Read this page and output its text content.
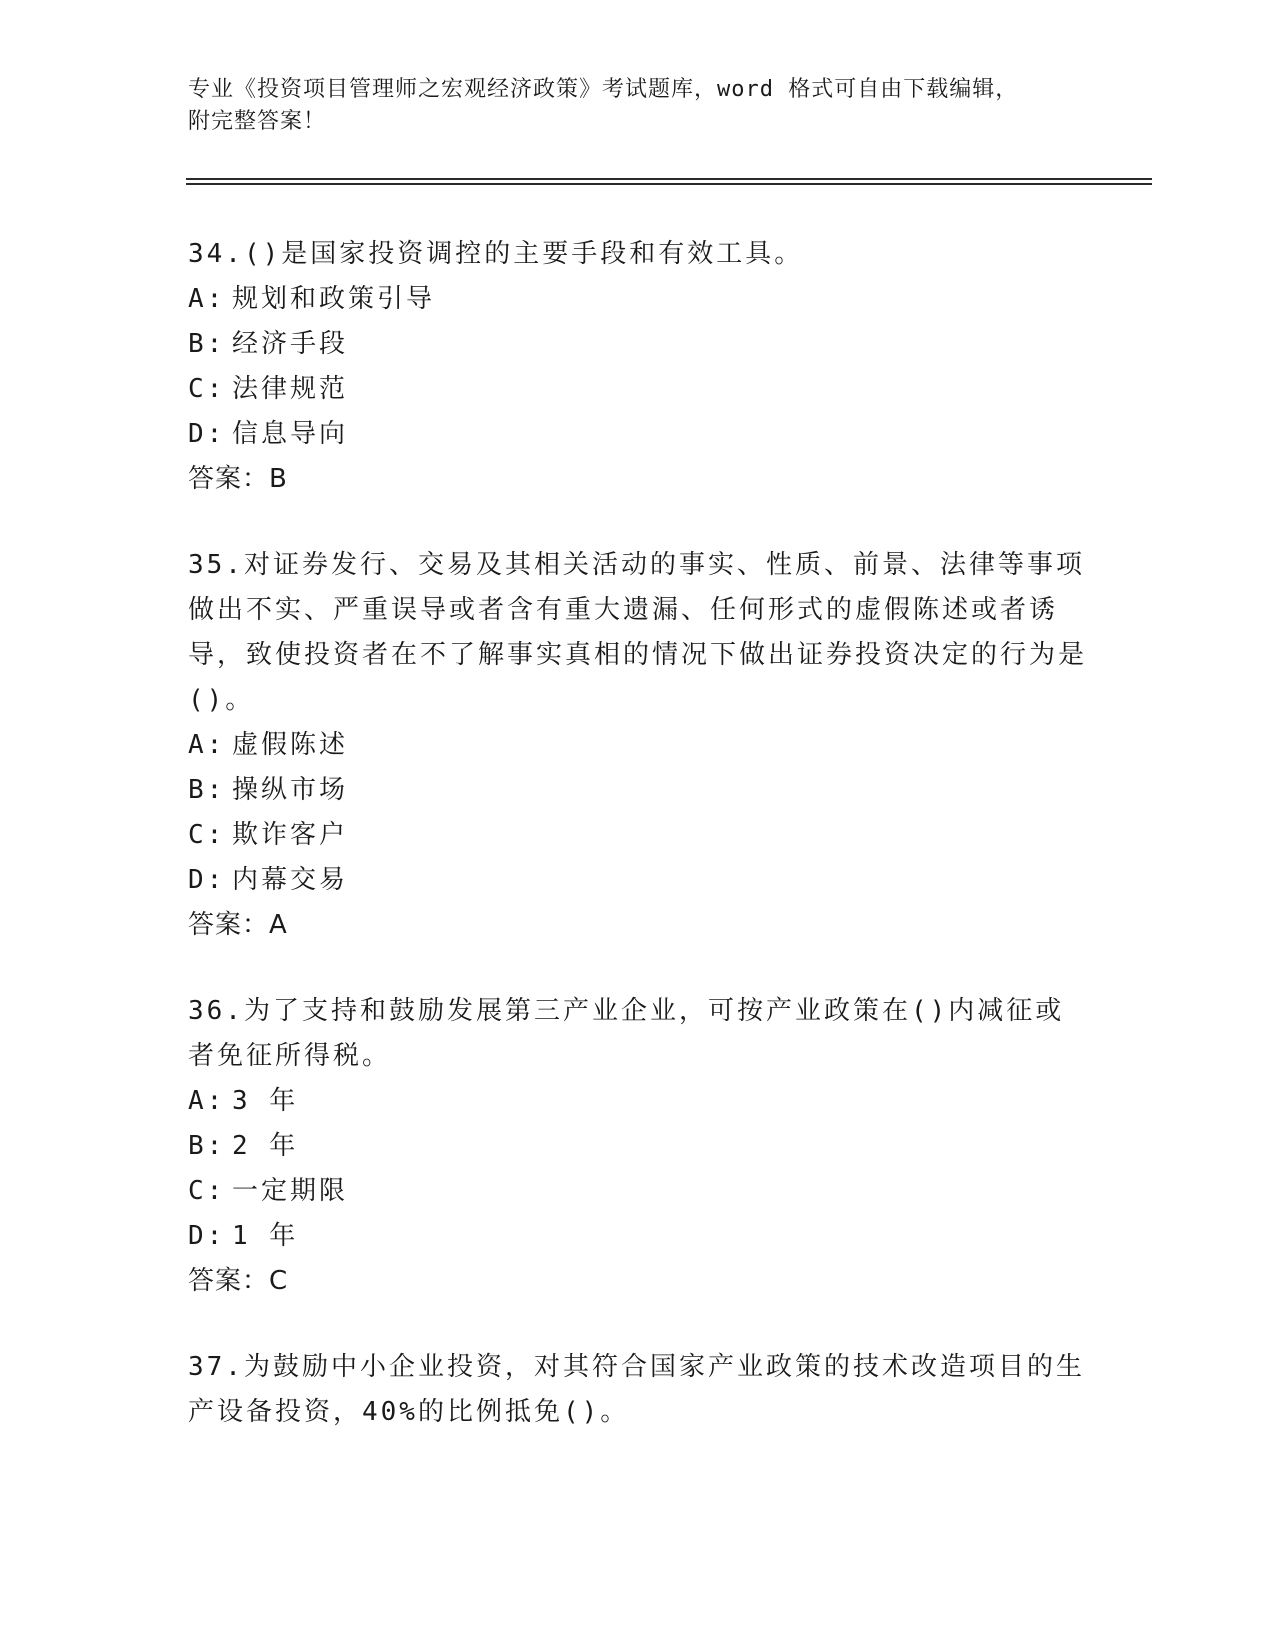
专业《投资项目管理师之宏观经济政策》考试题库，word 格式可自由下载编辑，
附完整答案！
34.()是国家投资调控的主要手段和有效工具。
A: 规划和政策引导
B: 经济手段
C: 法律规范
D: 信息导向
答案：B
35.对证券发行、交易及其相关活动的事实、性质、前景、法律等事项做出不实、严重误导或者含有重大遗漏、任何形式的虚假陈述或者诱导，致使投资者在不了解事实真相的情况下做出证券投资决定的行为是()。
A: 虚假陈述
B: 操纵市场
C: 欺诈客户
D: 内幕交易
答案：A
36.为了支持和鼓励发展第三产业企业，可按产业政策在()内减征或者免征所得税。
A: 3 年
B: 2 年
C: 一定期限
D: 1 年
答案：C
37.为鼓励中小企业投资，对其符合国家产业政策的技术改造项目的生产设备投资，40%的比例抵免()。
